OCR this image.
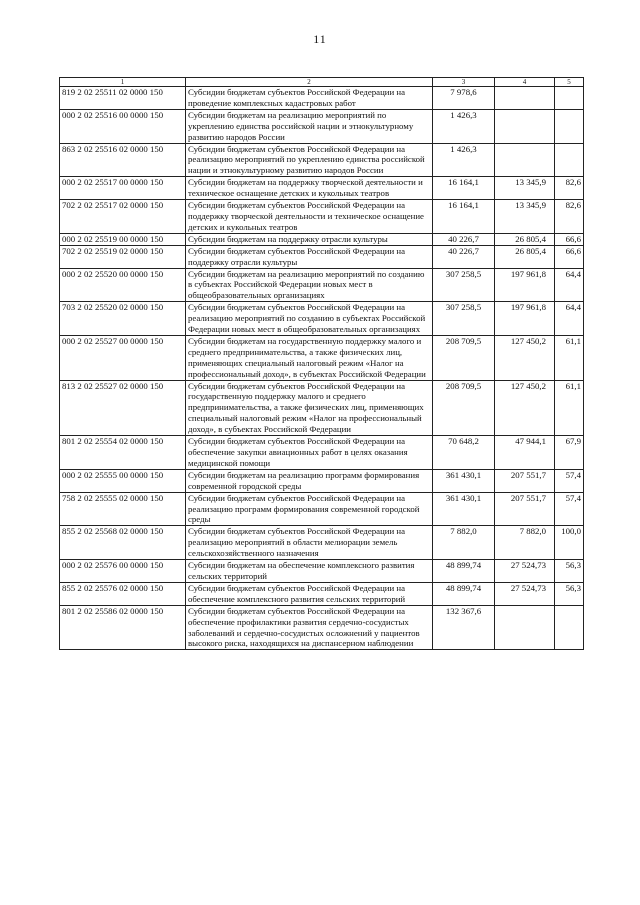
11
1	2	3	4	5
819 2 02 25511 02 0000 150	Субсидии бюджетам субъектов Российской Федерации на проведение комплексных кадастровых работ	7 978,6		
000 2 02 25516 00 0000 150	Субсидии бюджетам на реализацию мероприятий по укреплению единства российской нации и этнокультурному развитию народов России	1 426,3		
863 2 02 25516 02 0000 150	Субсидии бюджетам субъектов Российской Федерации на реализацию мероприятий по укреплению единства российской нации и этнокультурному развитию народов России	1 426,3		
000 2 02 25517 00 0000 150	Субсидии бюджетам на поддержку творческой деятельности и техническое оснащение детских и кукольных театров	16 164,1	13 345,9	82,6
702 2 02 25517 02 0000 150	Субсидии бюджетам субъектов Российской Федерации на поддержку творческой деятельности и техническое оснащение детских и кукольных театров	16 164,1	13 345,9	82,6
000 2 02 25519 00 0000 150	Субсидии бюджетам на поддержку отрасли культуры	40 226,7	26 805,4	66,6
702 2 02 25519 02 0000 150	Субсидии бюджетам субъектов Российской Федерации на поддержку отрасли культуры	40 226,7	26 805,4	66,6
000 2 02 25520 00 0000 150	Субсидии бюджетам на реализацию мероприятий по созданию в субъектах Российской Федерации новых мест в общеобразовательных организациях	307 258,5	197 961,8	64,4
703 2 02 25520 02 0000 150	Субсидии бюджетам субъектов Российской Федерации на реализацию мероприятий по созданию в субъектах Российской Федерации новых мест в общеобразовательных организациях	307 258,5	197 961,8	64,4
000 2 02 25527 00 0000 150	Субсидии бюджетам на государственную поддержку малого и среднего предпринимательства, а также физических лиц, применяющих специальный налоговый режим «Налог на профессиональный доход», в субъектах Российской Федерации	208 709,5	127 450,2	61,1
813 2 02 25527 02 0000 150	Субсидии бюджетам субъектов Российской Федерации на государственную поддержку малого и среднего предпринимательства, а также физических лиц, применяющих специальный налоговый режим «Налог на профессиональный доход», в субъектах Российской Федерации	208 709,5	127 450,2	61,1
801 2 02 25554 02 0000 150	Субсидии бюджетам субъектов Российской Федерации на обеспечение закупки авиационных работ в целях оказания медицинской помощи	70 648,2	47 944,1	67,9
000 2 02 25555 00 0000 150	Субсидии бюджетам на реализацию программ формирования современной городской среды	361 430,1	207 551,7	57,4
758 2 02 25555 02 0000 150	Субсидии бюджетам субъектов Российской Федерации на реализацию программ формирования современной городской среды	361 430,1	207 551,7	57,4
855 2 02 25568 02 0000 150	Субсидии бюджетам субъектов Российской Федерации на реализацию мероприятий в области мелиорации земель сельскохозяйственного назначения	7 882,0	7 882,0	100,0
000 2 02 25576 00 0000 150	Субсидии бюджетам на обеспечение комплексного развития сельских территорий	48 899,74	27 524,73	56,3
855 2 02 25576 02 0000 150	Субсидии бюджетам субъектов Российской Федерации на обеспечение комплексного развития сельских территорий	48 899,74	27 524,73	56,3
801 2 02 25586 02 0000 150	Субсидии бюджетам субъектов Российской Федерации на обеспечение профилактики развития сердечно-сосудистых заболеваний и сердечно-сосудистых осложнений у пациентов высокого риска, находящихся на диспансерном наблюдении	132 367,6		
